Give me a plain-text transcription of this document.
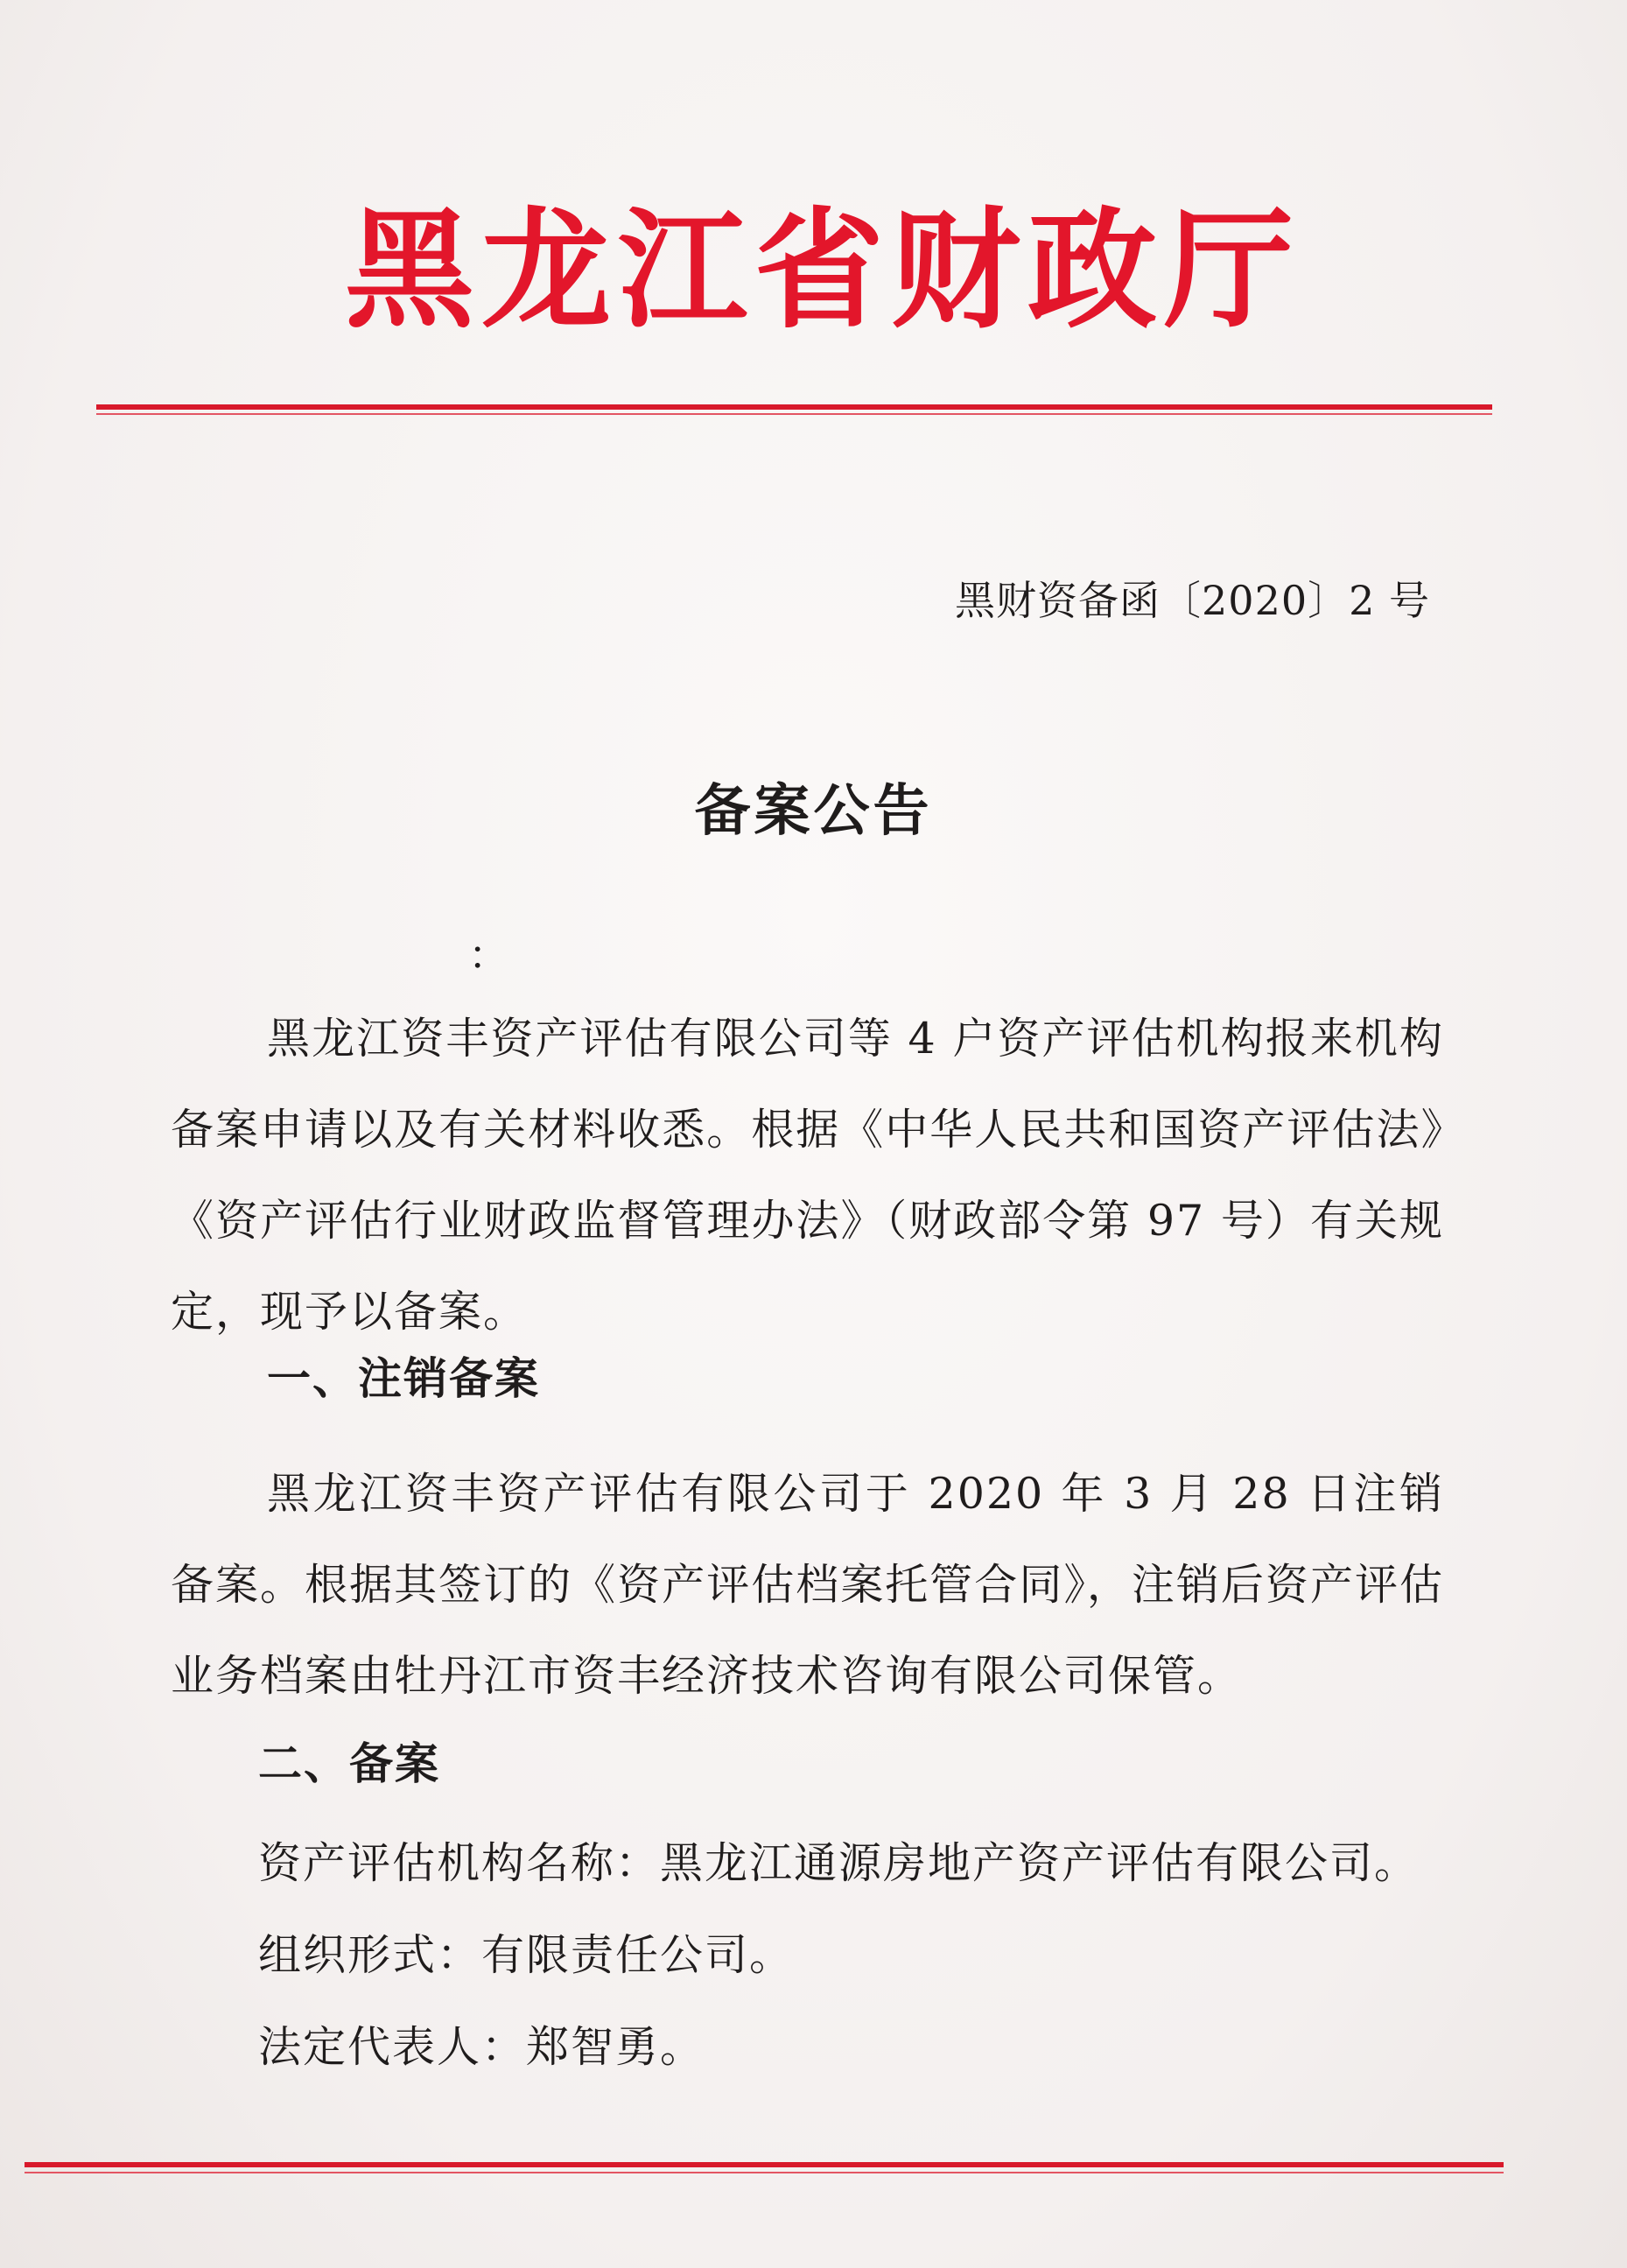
黑龙江省财政厅
黑财资备函〔2020〕2 号
备案公告
：
黑龙江资丰资产评估有限公司等 4 户资产评估机构报来机构备案申请以及有关材料收悉。根据《中华人民共和国资产评估法》《资产评估行业财政监督管理办法》（财政部令第 97 号）有关规定，现予以备案。
一、注销备案
黑龙江资丰资产评估有限公司于 2020 年 3 月 28 日注销备案。根据其签订的《资产评估档案托管合同》，注销后资产评估业务档案由牡丹江市资丰经济技术咨询有限公司保管。
二、备案
资产评估机构名称：黑龙江通源房地产资产评估有限公司。
组织形式：有限责任公司。
法定代表人：郑智勇。
